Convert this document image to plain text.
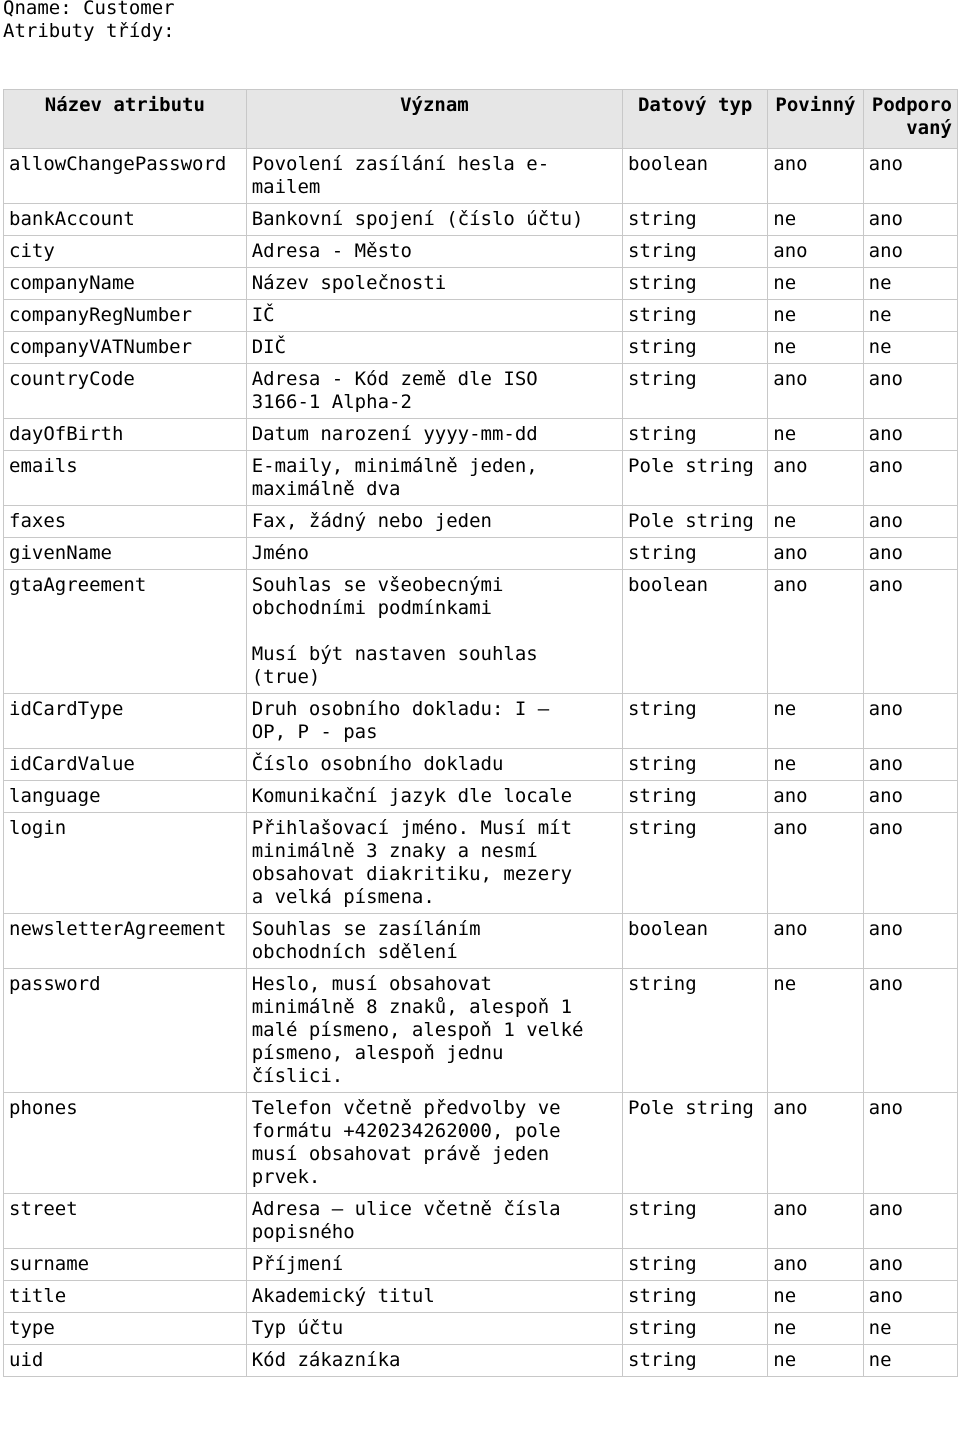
Qname: Customer
Atributy třídy:
Název atributu	Význam	Datový typ	Povinný	Podporo vaný

allowChangePassword	Povolení zasílání hesla e-
mailem	boolean	ano	ano

bankAccount	Bankovní spojení (číslo účtu)	string	ne	ano

city	Adresa - Město	string	ano	ano

companyName	Název společnosti	string	ne	ne

companyRegNumber	IČ	string	ne	ne

companyVATNumber	DIČ	string	ne	ne

countryCode	Adresa - Kód země dle ISO
3166-1 Alpha-2	string	ano	ano

dayOfBirth	Datum narození yyyy-mm-dd	string	ne	ano

emails	E-maily, minimálně jeden,
maximálně dva	Pole string	ano	ano

faxes	Fax, žádný nebo jeden	Pole string	ne	ano

givenName	Jméno	string	ano	ano

gtaAgreement	Souhlas se všeobecnými
obchodními podmínkami
Musí být nastaven souhlas
(true)	boolean	ano	ano

idCardType	Druh osobního dokladu: I –
OP, P - pas	string	ne	ano

idCardValue	Číslo osobního dokladu	string	ne	ano

language	Komunikační jazyk dle locale	string	ano	ano

login	Přihlašovací jméno. Musí mít
minimálně 3 znaky a nesmí
obsahovat diakritiku, mezery
a velká písmena.	string	ano	ano

newsletterAgreement	Souhlas se zasíláním
obchodních sdělení	boolean	ano	ano

password	Heslo, musí obsahovat
minimálně 8 znaků, alespoň 1
malé písmeno, alespoň 1 velké
písmeno, alespoň jednu
číslici.	string	ne	ano

phones	Telefon včetně předvolby ve
formátu +420234262000, pole
musí obsahovat právě jeden
prvek.	Pole string	ano	ano

street	Adresa – ulice včetně čísla
popisného	string	ano	ano

surname	Příjmení	string	ano	ano

title	Akademický titul	string	ne	ano

type	Typ účtu	string	ne	ne

uid	Kód zákazníka	string	ne	ne
